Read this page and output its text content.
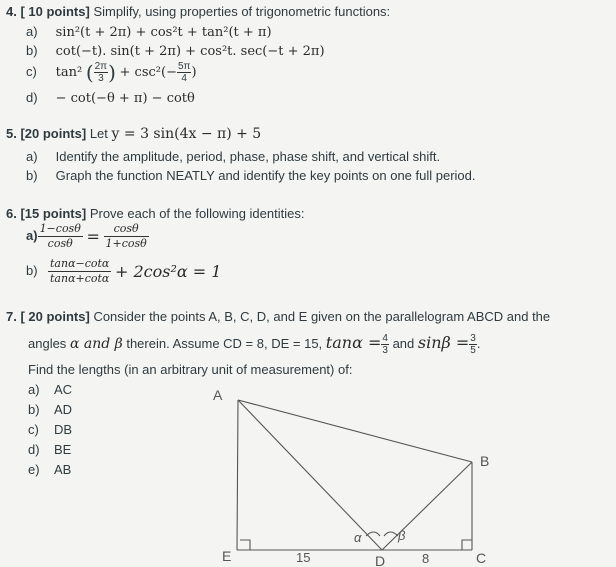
4. [ 10 points] Simplify, using properties of trigonometric functions:
a) sin²(t + 2π) + cos²t + tan²(t + π)
b) cot(−t). sin(t + 2π) + cos²t. sec(−t + 2π)
c) tan² ( $\frac{2\pi}{3}$ ) + $\csc^2(- \frac{5\pi}{4}$ )
d) − cot(−θ + π) − cotθ
5. [20 points] Let y = 3 sin(4x − π) + 5
a) Identify the amplitude, period, phase, phase shift, and vertical shift.
b) Graph the function NEATLY and identify the key points on one full period.
6. [15 points] Prove each of the following identities:
$a) \frac{1-\cos\theta}{\cos\theta} = \frac{\cos\theta}{1+\cos\theta}$
$b) \frac{\tan\alpha-\cot\alpha}{\tan\alpha+\cot\alpha} + 2\cos^2\alpha = 1$
7. [ 20 points] Consider the points A, B, C, D, and E given on the parallelogram ABCD and the
angles α and β therein. Assume CD = 8, DE = 15, $\tan\alpha = \frac{4}{3}$ and $\sin\beta = \frac{3}{5}$ .
Find the lengths (in an arbitrary unit of measurement) of:
a) AC
b) AD
c) DB
d) BE
e) AB
A
B
C
D
E	15	8
α	β
